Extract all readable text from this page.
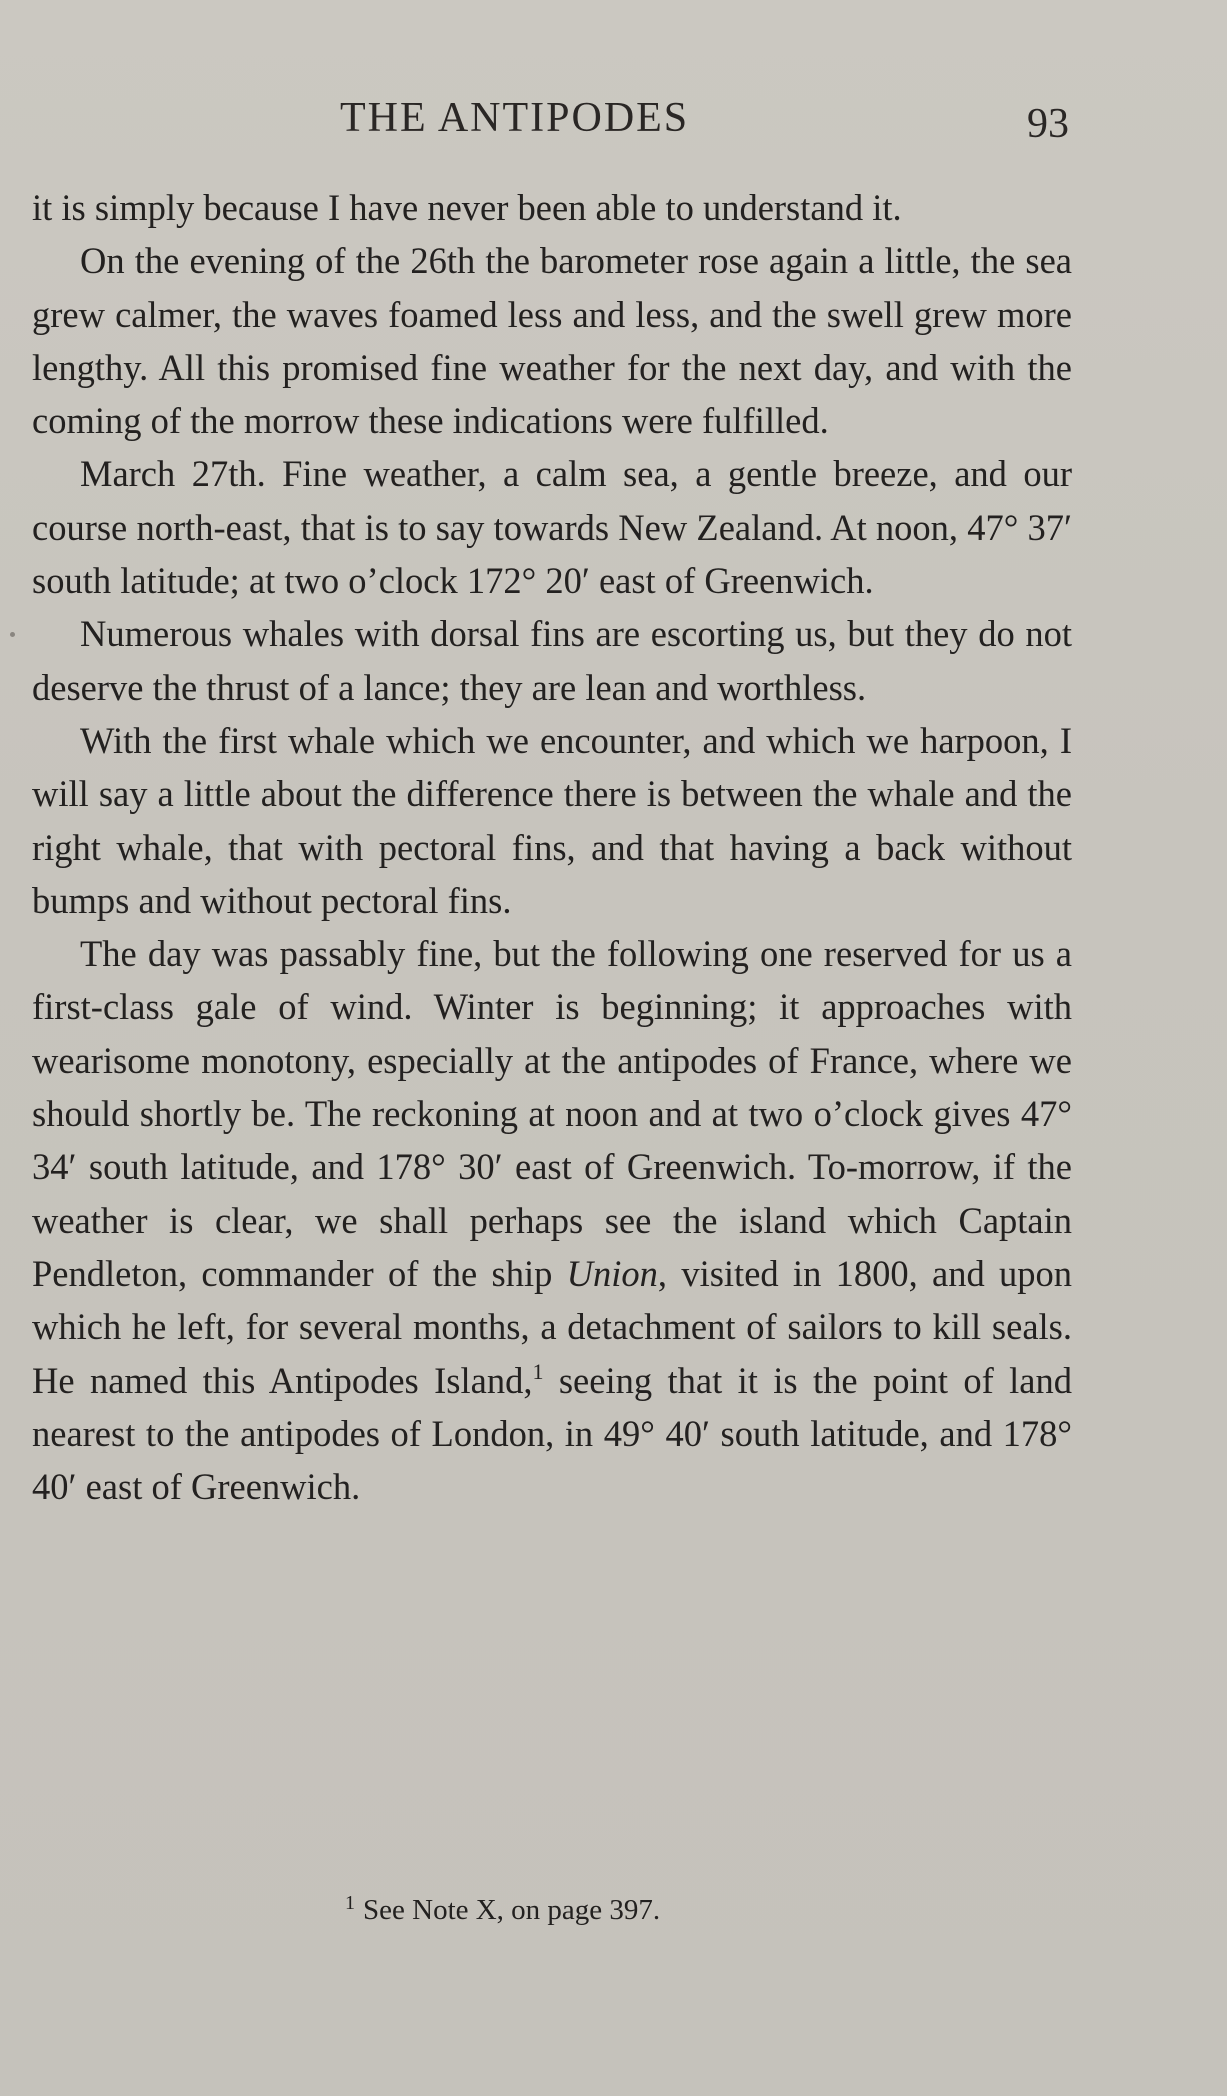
THE ANTIPODES	93

it is simply because I have never been able to understand it.

On the evening of the 26th the barometer rose again a little, the sea grew calmer, the waves foamed less and less, and the swell grew more lengthy. All this promised fine weather for the next day, and with the coming of the morrow these indications were fulfilled.

March 27th. Fine weather, a calm sea, a gentle breeze, and our course north-east, that is to say towards New Zealand. At noon, 47° 37′ south latitude; at two o’clock 172° 20′ east of Greenwich.

Numerous whales with dorsal fins are escorting us, but they do not deserve the thrust of a lance; they are lean and worthless.

With the first whale which we encounter, and which we harpoon, I will say a little about the difference there is between the whale and the right whale, that with pectoral fins, and that having a back without bumps and without pectoral fins.

The day was passably fine, but the following one reserved for us a first-class gale of wind. Winter is beginning; it approaches with wearisome monotony, especially at the antipodes of France, where we should shortly be. The reckoning at noon and at two o’clock gives 47° 34′ south latitude, and 178° 30′ east of Greenwich. To-morrow, if the weather is clear, we shall perhaps see the island which Captain Pendleton, commander of the ship Union, visited in 1800, and upon which he left, for several months, a detachment of sailors to kill seals. He named this Antipodes Island,$^1$ seeing that it is the point of land nearest to the antipodes of London, in 49° 40′ south latitude, and 178° 40′ east of Greenwich.

$^1$ See Note X, on page 397.
